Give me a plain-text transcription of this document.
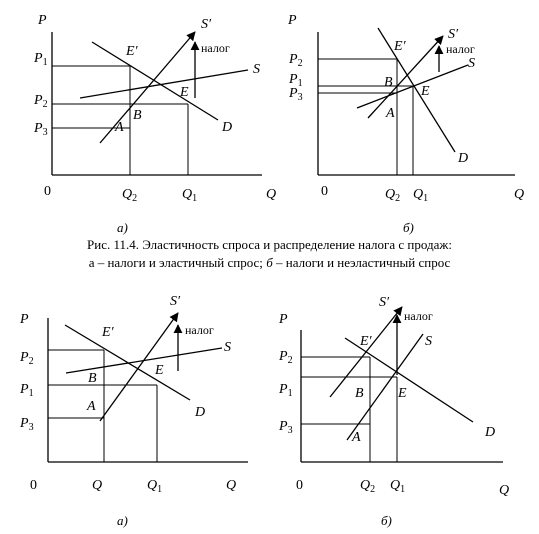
P
0	Q
$P_1$
$P_2$
$P_3$
$Q_2$	$Q_1$
E′
E
B
A
S′
S
D
налог
а)
P
0	Q
$P_2$
$P_1$
$P_3$
$Q_2$ $Q_1$
E′
E
B
A
S′
S
D
налог
б)
P
0	Q
$P_2$
$P_1$
$P_3$
Q	$Q_1$
E′
E
B
A
S′
S
D
налог
а)
P
0	Q
$P_2$
$P_1$
$P_3$
$Q_2$ $Q_1$
E′
E
B
A
S′
S
D
налог
б)
Рис. 11.4. Эластичность спроса и распределение налога с продаж:
а – налоги и эластичный спрос; б – налоги и неэластичный спрос
